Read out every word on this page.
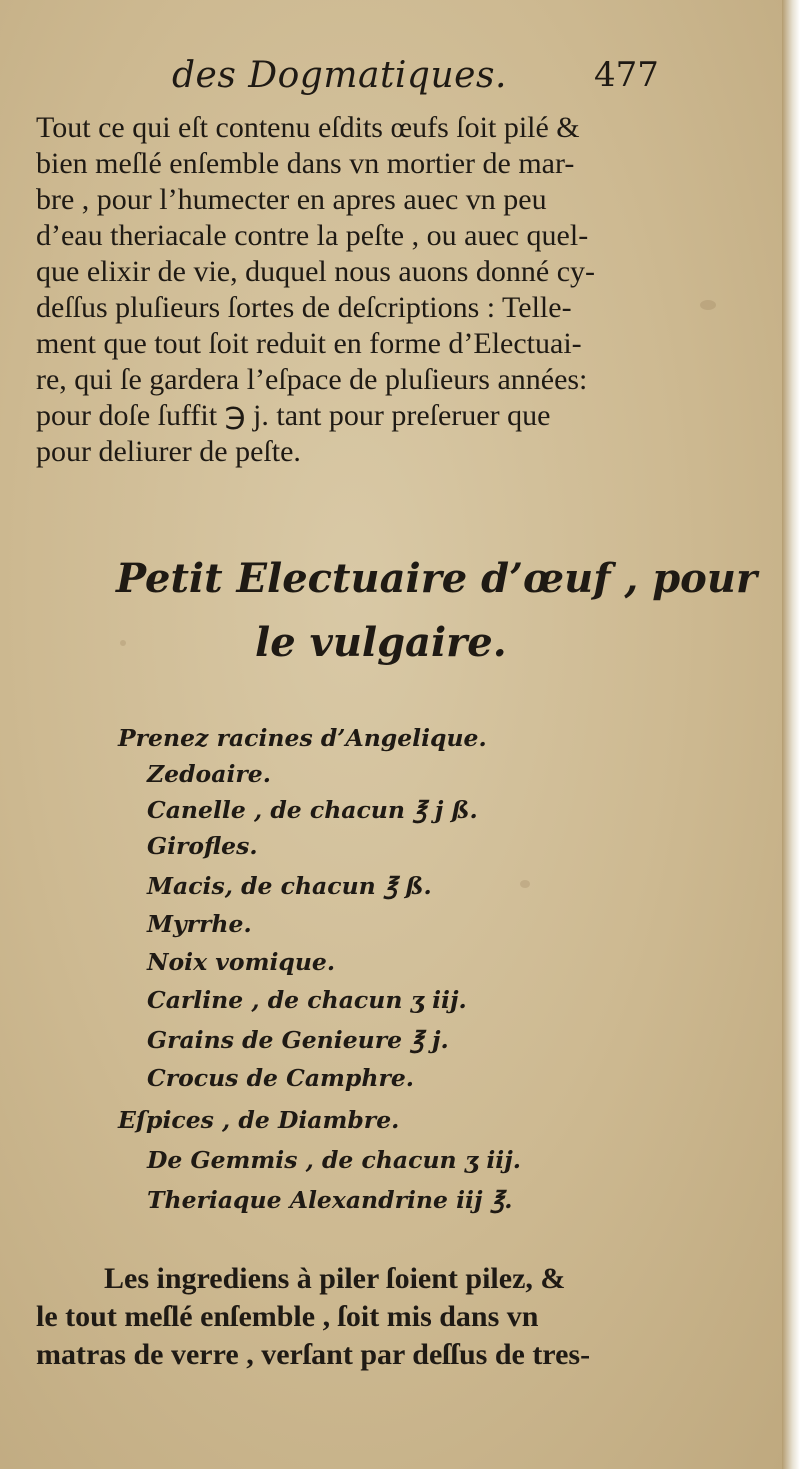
des Dogmatiques.	477
Tout ce qui eſt contenu eſdits œufs ſoit pilé &
bien meſlé enſemble dans vn mortier de mar-
bre , pour l’humecter en apres auec vn peu
d’eau theriacale contre la peſte , ou auec quel-
que elixir de vie, duquel nous auons donné cy-
deſſus pluſieurs ſortes de deſcriptions : Telle-
ment que tout ſoit reduit en forme d’Electuai-
re, qui ſe gardera l’eſpace de pluſieurs années:
pour doſe ſuffit ℈ j. tant pour preſeruer que
pour deliurer de peſte.
Petit Electuaire d’œuf , pour
le vulgaire.
Prenez racines d’Angelique.
Zedoaire.
Canelle , de chacun ℥ j ß.
Girofles.
Macis, de chacun ℥ ß.
Myrrhe.
Noix vomique.
Carline , de chacun ʒ iij.
Grains de Genieure ℥ j.
Crocus de Camphre.
Eſpices , de Diambre.
De Gemmis , de chacun ʒ iij.
Theriaque Alexandrine iij ℥.
Les ingrediens à piler ſoient pilez, &
le tout meſlé enſemble , ſoit mis dans vn
matras de verre , verſant par deſſus de tres-
